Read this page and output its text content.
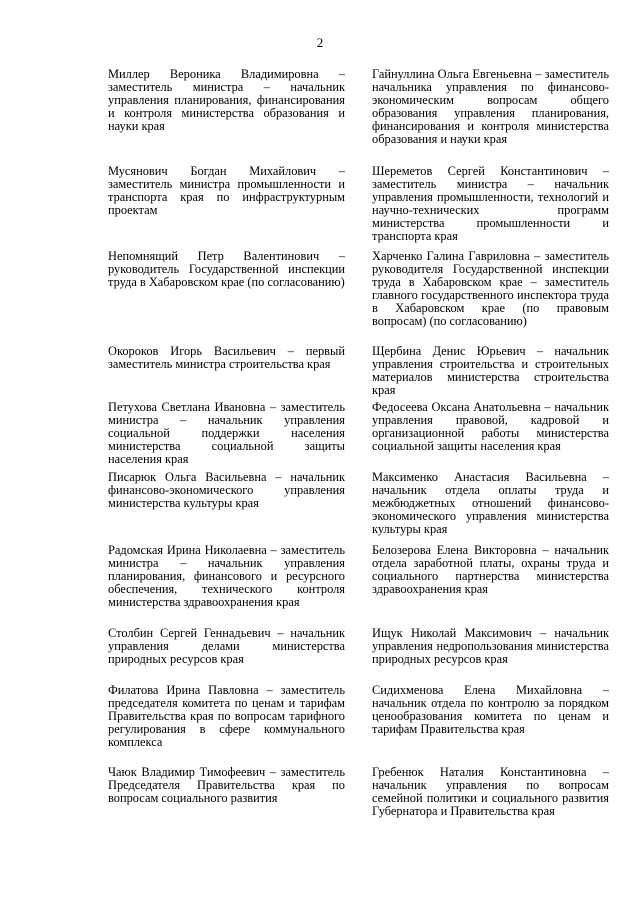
2
Миллер Вероника Владимировна – заместитель министра – начальник управления планирования, финансирования и контроля министерства образования и науки края
Мусянович Богдан Михайлович – заместитель министра промышленности и транспорта края по инфраструктурным проектам
Непомнящий Петр Валентинович – руководитель Государственной инспекции труда в Хабаровском крае (по согласованию)
Окороков Игорь Васильевич – первый заместитель министра строительства края
Петухова Светлана Ивановна – заместитель министра – начальник управления социальной поддержки населения министерства социальной защиты населения края
Писарюк Ольга Васильевна – начальник финансово-экономического управления министерства культуры края
Радомская Ирина Николаевна – заместитель министра – начальник управления планирования, финансового и ресурсного обеспечения, технического контроля министерства здравоохранения края
Столбин Сергей Геннадьевич – начальник управления делами министерства природных ресурсов края
Филатова Ирина Павловна – заместитель председателя комитета по ценам и тарифам Правительства края по вопросам тарифного регулирования в сфере коммунального комплекса
Чаюк Владимир Тимофеевич – заместитель Председателя Правительства края по вопросам социального развития
Гайнуллина Ольга Евгеньевна – заместитель начальника управления по финансово-экономическим вопросам общего образования управления планирования, финансирования и контроля министерства образования и науки края
Шереметов Сергей Константинович – заместитель министра – начальник управления промышленности, технологий и научно-технических программ министерства промышленности и транспорта края
Харченко Галина Гавриловна – заместитель руководителя Государственной инспекции труда в Хабаровском крае – заместитель главного государственного инспектора труда в Хабаровском крае (по правовым вопросам) (по согласованию)
Щербина Денис Юрьевич – начальник управления строительства и строительных материалов министерства строительства края
Федосеева Оксана Анатольевна – начальник управления правовой, кадровой и организационной работы министерства социальной защиты населения края
Максименко Анастасия Васильевна – начальник отдела оплаты труда и межбюджетных отношений финансово-экономического управления министерства культуры края
Белозерова Елена Викторовна – начальник отдела заработной платы, охраны труда и социального партнерства министерства здравоохранения края
Ищук Николай Максимович – начальник управления недропользования министерства природных ресурсов края
Сидихменова Елена Михайловна – начальник отдела по контролю за порядком ценообразования комитета по ценам и тарифам Правительства края
Гребенюк Наталия Константиновна – начальник управления по вопросам семейной политики и социального развития Губернатора и Правительства края
